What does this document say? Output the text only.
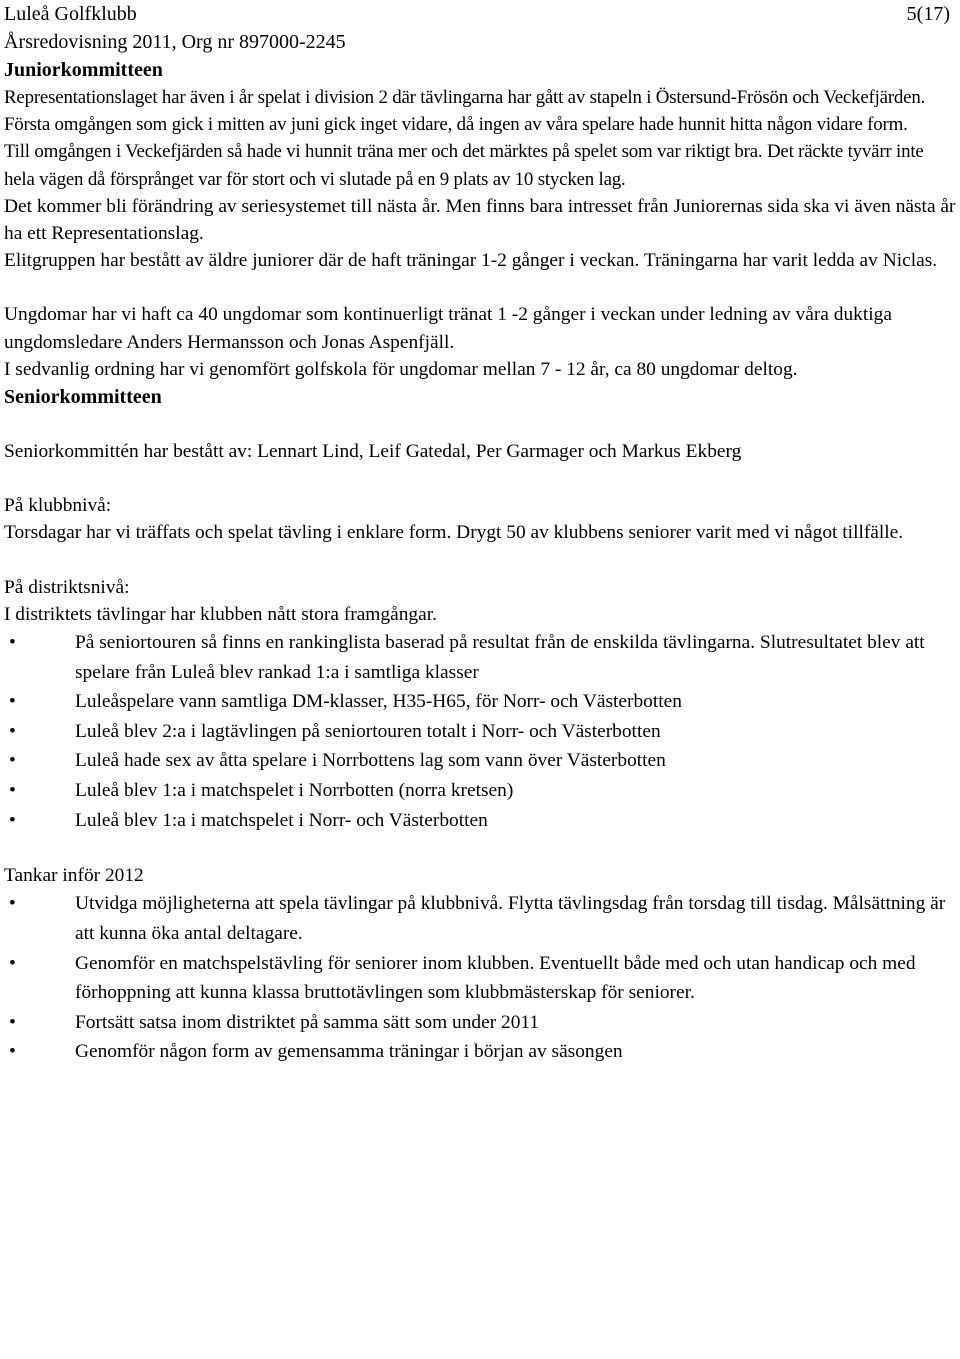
Luleå Golfklubb
Årsredovisning 2011, Org nr 897000-2245
5(17)
Juniorkommitteen

Representationslaget har även i år spelat i division 2 där tävlingarna har gått av stapeln i Östersund-Frösön och Veckefjärden. Första omgången som gick i mitten av juni gick inget vidare, då ingen av våra spelare hade hunnit hitta någon vidare form.

Till omgången i Veckefjärden så hade vi hunnit träna mer och det märktes på spelet som var riktigt bra. Det räckte tyvärr inte hela vägen då försprånget var för stort och vi slutade på en 9 plats av 10 stycken lag.

Det kommer bli förändring av seriesystemet till nästa år. Men finns bara intresset från Juniorernas sida ska vi även nästa år ha ett Representationslag.

Elitgruppen har bestått av äldre juniorer där de haft träningar 1-2 gånger i veckan. Träningarna har varit ledda av Niclas.

Ungdomar har vi haft ca 40 ungdomar som kontinuerligt tränat 1 -2 gånger i veckan under ledning av våra duktiga ungdomsledare Anders Hermansson och Jonas Aspenfjäll.

I sedvanlig ordning har vi genomfört golfskola för ungdomar mellan 7 - 12 år, ca 80 ungdomar deltog.

Seniorkommitteen

Seniorkommittén har bestått av: Lennart Lind, Leif Gatedal, Per Garmager och Markus Ekberg

På klubbnivå:

Torsdagar har vi träffats och spelat tävling i enklare form. Drygt 50 av klubbens seniorer varit med vi något tillfälle.

På distriktsnivå:

I distriktets tävlingar har klubben nått stora framgångar.

•	På seniortouren så finns en rankinglista baserad på resultat från de enskilda tävlingarna. Slutresultatet blev att spelare från Luleå blev rankad 1:a i samtliga klasser
•	Luleåspelare vann samtliga DM-klasser, H35-H65, för Norr- och Västerbotten
•	Luleå blev 2:a i lagtävlingen på seniortouren totalt i Norr- och Västerbotten
•	Luleå hade sex av åtta spelare i Norrbottens lag som vann över Västerbotten
•	Luleå blev 1:a i matchspelet i Norrbotten (norra kretsen)
•	Luleå blev 1:a i matchspelet i Norr- och Västerbotten

Tankar inför 2012

•	Utvidga möjligheterna att spela tävlingar på klubbnivå. Flytta tävlingsdag från torsdag till tisdag. Målsättning är att kunna öka antal deltagare.
•	Genomför en matchspelstävling för seniorer inom klubben. Eventuellt både med och utan handicap och med förhoppning att kunna klassa bruttotävlingen som klubbmästerskap för seniorer.
•	Fortsätt satsa inom distriktet på samma sätt som under 2011
•	Genomför någon form av gemensamma träningar i början av säsongen
